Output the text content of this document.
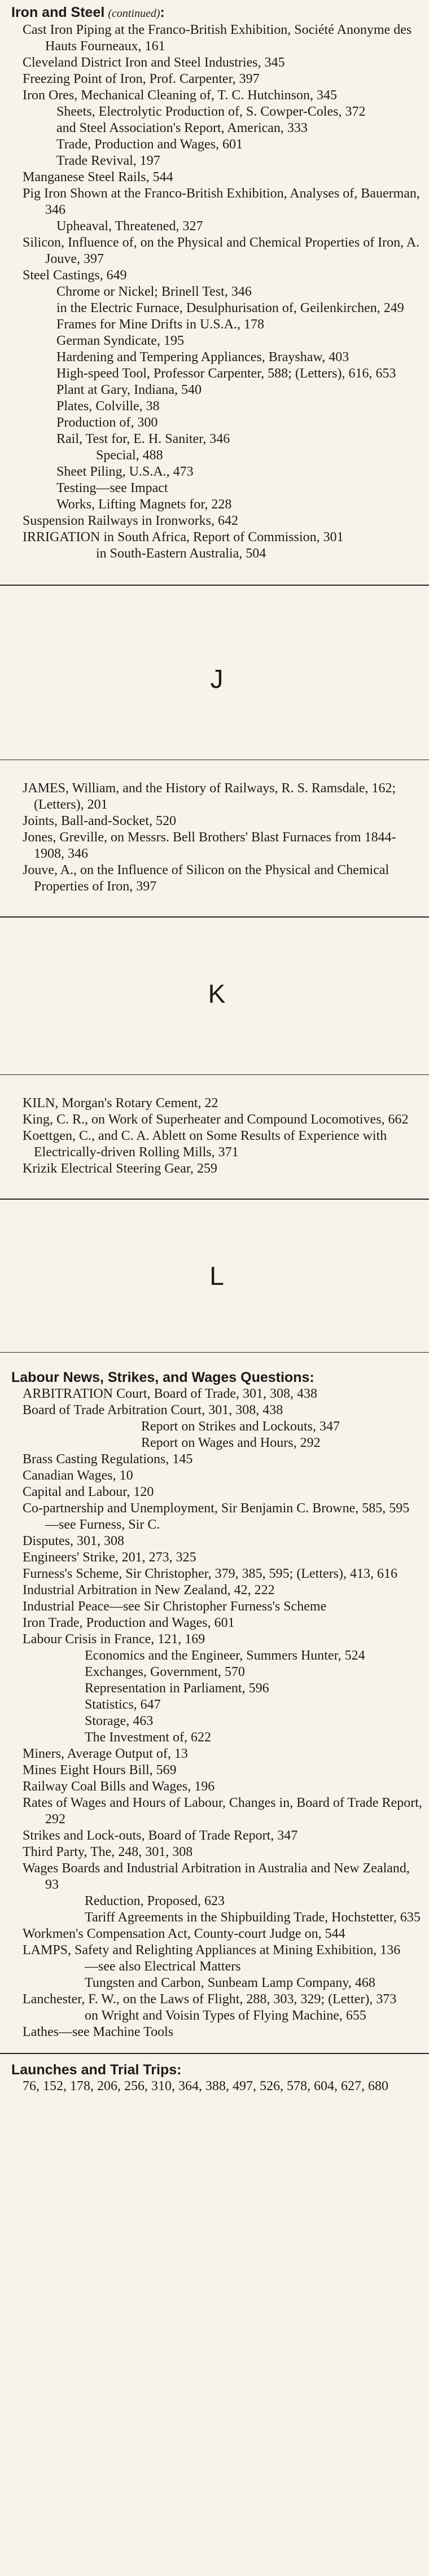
Iron and Steel (continued):
Cast Iron Piping at the Franco-British Exhibition, Société Anonyme des Hauts Fourneaux, 161
Cleveland District Iron and Steel Industries, 345
Freezing Point of Iron, Prof. Carpenter, 397
Iron Ores, Mechanical Cleaning of, T. C. Hutchinson, 345
Sheets, Electrolytic Production of, S. Cowper-Coles, 372
and Steel Association's Report, American, 333
Trade, Production and Wages, 601
Trade Revival, 197
Manganese Steel Rails, 544
Pig Iron Shown at the Franco-British Exhibition, Analyses of, Bauerman, 346
Upheaval, Threatened, 327
Silicon, Influence of, on the Physical and Chemical Properties of Iron, A. Jouve, 397
Steel Castings, 649
Chrome or Nickel; Brinell Test, 346
in the Electric Furnace, Desulphurisation of, Geilenkirchen, 249
Frames for Mine Drifts in U.S.A., 178
German Syndicate, 195
Hardening and Tempering Appliances, Brayshaw, 403
High-speed Tool, Professor Carpenter, 588; (Letters), 616, 653
Plant at Gary, Indiana, 540
Plates, Colville, 38
Production of, 300
Rail, Test for, E. H. Saniter, 346
Special, 488
Sheet Piling, U.S.A., 473
Testing—see Impact
Works, Lifting Magnets for, 228
Suspension Railways in Ironworks, 642
IRRIGATION in South Africa, Report of Commission, 301
in South-Eastern Australia, 504
J
JAMES, William, and the History of Railways, R. S. Ramsdale, 162; (Letters), 201
Joints, Ball-and-Socket, 520
Jones, Greville, on Messrs. Bell Brothers' Blast Furnaces from 1844-1908, 346
Jouve, A., on the Influence of Silicon on the Physical and Chemical Properties of Iron, 397
K
KILN, Morgan's Rotary Cement, 22
King, C. R., on Work of Superheater and Compound Locomotives, 662
Koettgen, C., and C. A. Ablett on Some Results of Experience with Electrically-driven Rolling Mills, 371
Krizik Electrical Steering Gear, 259
L
Labour News, Strikes, and Wages Questions:
ARBITRATION Court, Board of Trade, 301, 308, 438
Board of Trade Arbitration Court, 301, 308, 438
Report on Strikes and Lockouts, 347
Report on Wages and Hours, 292
Brass Casting Regulations, 145
Canadian Wages, 10
Capital and Labour, 120
Co-partnership and Unemployment, Sir Benjamin C. Browne, 585, 595—see Furness, Sir C.
Disputes, 301, 308
Engineers' Strike, 201, 273, 325
Furness's Scheme, Sir Christopher, 379, 385, 595; (Letters), 413, 616
Industrial Arbitration in New Zealand, 42, 222
Industrial Peace—see Sir Christopher Furness's Scheme
Iron Trade, Production and Wages, 601
Labour Crisis in France, 121, 169
Economics and the Engineer, Summers Hunter, 524
Exchanges, Government, 570
Representation in Parliament, 596
Statistics, 647
Storage, 463
The Investment of, 622
Miners, Average Output of, 13
Mines Eight Hours Bill, 569
Railway Coal Bills and Wages, 196
Rates of Wages and Hours of Labour, Changes in, Board of Trade Report, 292
Strikes and Lock-outs, Board of Trade Report, 347
Third Party, The, 248, 301, 308
Wages Boards and Industrial Arbitration in Australia and New Zealand, 93
Reduction, Proposed, 623
Tariff Agreements in the Shipbuilding Trade, Hochstetter, 635
Workmen's Compensation Act, County-court Judge on, 544
LAMPS, Safety and Relighting Appliances at Mining Exhibition, 136
—see also Electrical Matters
Tungsten and Carbon, Sunbeam Lamp Company, 468
Lanchester, F. W., on the Laws of Flight, 288, 303, 329; (Letter), 373
on Wright and Voisin Types of Flying Machine, 655
Lathes—see Machine Tools
Launches and Trial Trips:
76, 152, 178, 206, 256, 310, 364, 388, 497, 526, 578, 604, 627, 680
